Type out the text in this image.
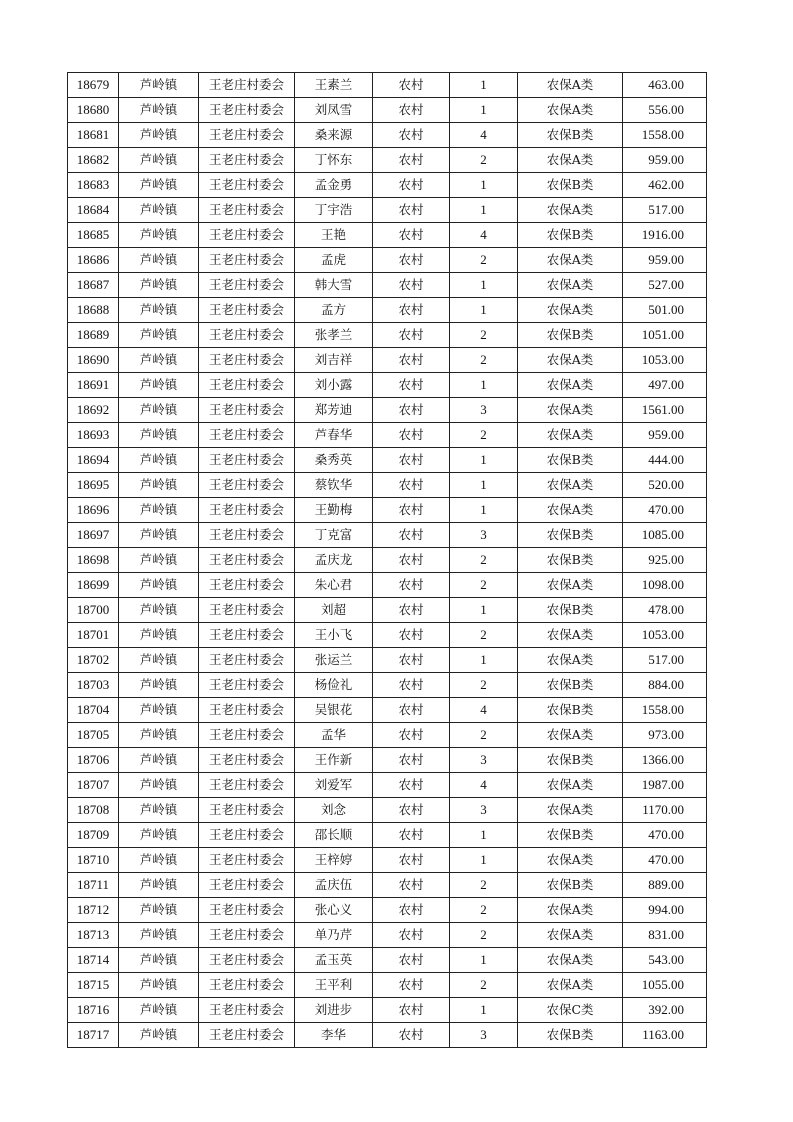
18679	芦岭镇	王老庄村委会	王素兰	农村	1	农保A类	463.00
18680	芦岭镇	王老庄村委会	刘凤雪	农村	1	农保A类	556.00
18681	芦岭镇	王老庄村委会	桑来源	农村	4	农保B类	1558.00
18682	芦岭镇	王老庄村委会	丁怀东	农村	2	农保A类	959.00
18683	芦岭镇	王老庄村委会	孟金勇	农村	1	农保B类	462.00
18684	芦岭镇	王老庄村委会	丁宇浩	农村	1	农保A类	517.00
18685	芦岭镇	王老庄村委会	王艳	农村	4	农保B类	1916.00
18686	芦岭镇	王老庄村委会	孟虎	农村	2	农保A类	959.00
18687	芦岭镇	王老庄村委会	韩大雪	农村	1	农保A类	527.00
18688	芦岭镇	王老庄村委会	孟方	农村	1	农保A类	501.00
18689	芦岭镇	王老庄村委会	张孝兰	农村	2	农保B类	1051.00
18690	芦岭镇	王老庄村委会	刘吉祥	农村	2	农保A类	1053.00
18691	芦岭镇	王老庄村委会	刘小露	农村	1	农保A类	497.00
18692	芦岭镇	王老庄村委会	郑芳迪	农村	3	农保A类	1561.00
18693	芦岭镇	王老庄村委会	芦春华	农村	2	农保A类	959.00
18694	芦岭镇	王老庄村委会	桑秀英	农村	1	农保B类	444.00
18695	芦岭镇	王老庄村委会	蔡钦华	农村	1	农保A类	520.00
18696	芦岭镇	王老庄村委会	王勤梅	农村	1	农保A类	470.00
18697	芦岭镇	王老庄村委会	丁克富	农村	3	农保B类	1085.00
18698	芦岭镇	王老庄村委会	孟庆龙	农村	2	农保B类	925.00
18699	芦岭镇	王老庄村委会	朱心君	农村	2	农保A类	1098.00
18700	芦岭镇	王老庄村委会	刘超	农村	1	农保B类	478.00
18701	芦岭镇	王老庄村委会	王小飞	农村	2	农保A类	1053.00
18702	芦岭镇	王老庄村委会	张运兰	农村	1	农保A类	517.00
18703	芦岭镇	王老庄村委会	杨俭礼	农村	2	农保B类	884.00
18704	芦岭镇	王老庄村委会	吴银花	农村	4	农保B类	1558.00
18705	芦岭镇	王老庄村委会	孟华	农村	2	农保A类	973.00
18706	芦岭镇	王老庄村委会	王作新	农村	3	农保B类	1366.00
18707	芦岭镇	王老庄村委会	刘爱军	农村	4	农保A类	1987.00
18708	芦岭镇	王老庄村委会	刘念	农村	3	农保A类	1170.00
18709	芦岭镇	王老庄村委会	邵长顺	农村	1	农保B类	470.00
18710	芦岭镇	王老庄村委会	王梓婷	农村	1	农保A类	470.00
18711	芦岭镇	王老庄村委会	孟庆伍	农村	2	农保B类	889.00
18712	芦岭镇	王老庄村委会	张心义	农村	2	农保A类	994.00
18713	芦岭镇	王老庄村委会	单乃芹	农村	2	农保A类	831.00
18714	芦岭镇	王老庄村委会	孟玉英	农村	1	农保A类	543.00
18715	芦岭镇	王老庄村委会	王平利	农村	2	农保A类	1055.00
18716	芦岭镇	王老庄村委会	刘进步	农村	1	农保C类	392.00
18717	芦岭镇	王老庄村委会	李华	农村	3	农保B类	1163.00
